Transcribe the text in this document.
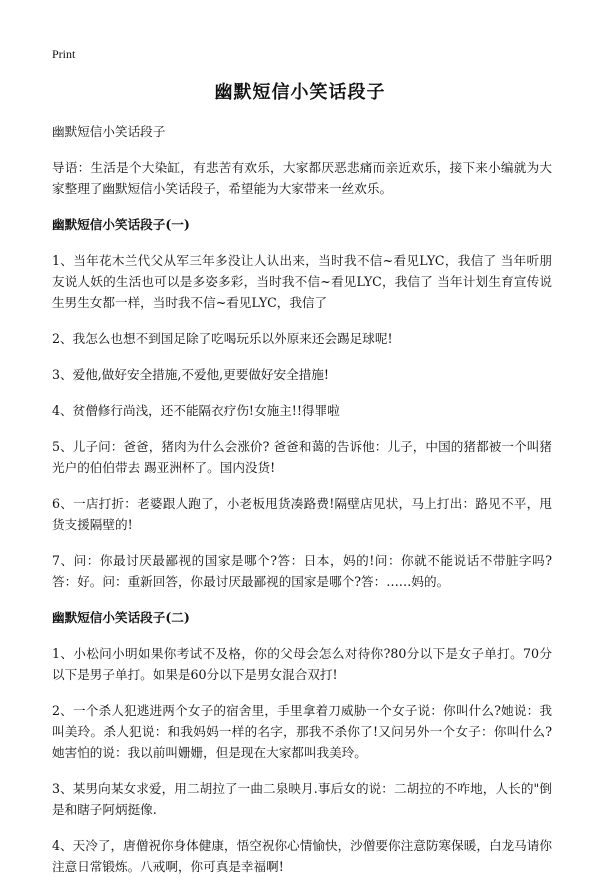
Print
幽默短信小笑话段子

幽默短信小笑话段子

导语：生活是个大染缸，有悲苦有欢乐，大家都厌恶悲痛而亲近欢乐，接下来小编就为大家整理了幽默短信小笑话段子，希望能为大家带来一丝欢乐。

幽默短信小笑话段子(一)

1、当年花木兰代父从军三年多没让人认出来，当时我不信~看见LYC，我信了 当年听朋友说人妖的生活也可以是多姿多彩，当时我不信~看见LYC，我信了 当年计划生育宣传说生男生女都一样，当时我不信~看见LYC，我信了

2、我怎么也想不到国足除了吃喝玩乐以外原来还会踢足球呢!

3、爱他,做好安全措施,不爱他,更要做好安全措施!

4、贫僧修行尚浅，还不能隔衣疗伤!女施主!!得罪啦

5、儿子问：爸爸，猪肉为什么会涨价? 爸爸和蔼的告诉他：儿子，中国的猪都被一个叫猪光户的伯伯带去 踢亚洲杯了。国内没货!

6、一店打折：老婆跟人跑了，小老板甩货凑路费!隔壁店见状，马上打出：路见不平，甩货支援隔壁的!

7、问：你最讨厌最鄙视的国家是哪个?答：日本，妈的!问：你就不能说话不带脏字吗?答：好。问：重新回答，你最讨厌最鄙视的国家是哪个?答：……妈的。

幽默短信小笑话段子(二)

1、小松问小明如果你考试不及格，你的父母会怎么对待你?80分以下是女子单打。70分以下是男子单打。如果是60分以下是男女混合双打!

2、一个杀人犯逃进两个女子的宿舍里，手里拿着刀威胁一个女子说：你叫什么?她说：我叫美玲。杀人犯说：和我妈妈一样的名字，那我不杀你了!又问另外一个女子：你叫什么?她害怕的说：我以前叫姗姗，但是现在大家都叫我美玲。

3、某男向某女求爱，用二胡拉了一曲二泉映月.事后女的说：二胡拉的不咋地，人长的"倒是和瞎子阿炳挺像.

4、天冷了，唐僧祝你身体健康，悟空祝你心情愉快，沙僧要你注意防寒保暖，白龙马请你注意日常锻炼。八戒啊，你可真是幸福啊!
